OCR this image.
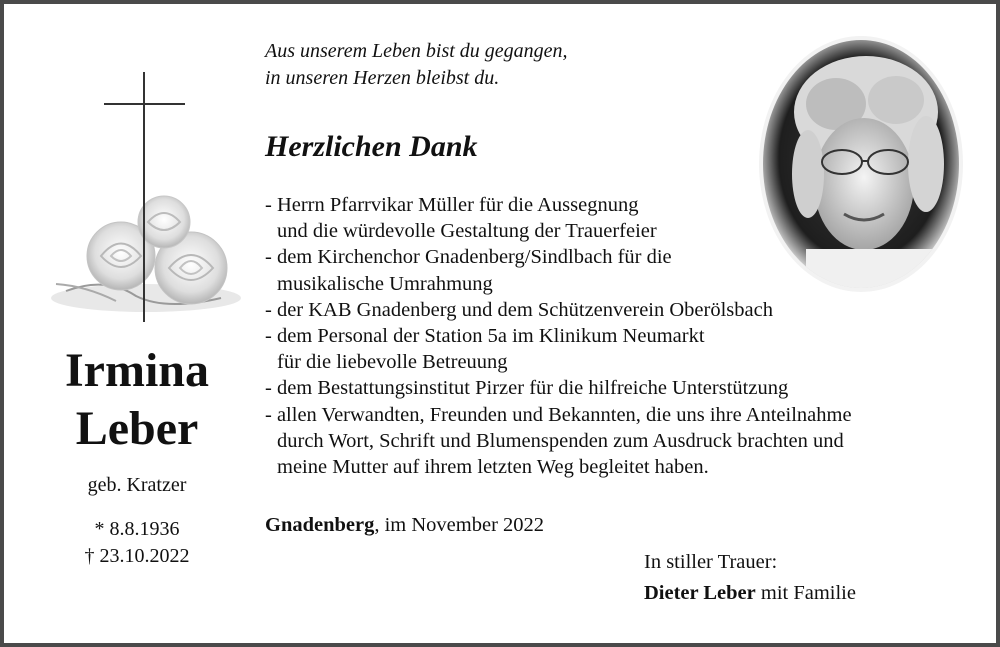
Irmina
Leber
geb. Kratzer
* 8.8.1936
† 23.10.2022
Aus unserem Leben bist du gegangen,
in unseren Herzen bleibst du.
Herzlichen Dank
- Herrn Pfarrvikar Müller für die Aussegnung
und die würdevolle Gestaltung der Trauerfeier
- dem Kirchenchor Gnadenberg/Sindlbach für die
musikalische Umrahmung
- der KAB Gnadenberg und dem Schützenverein Oberölsbach
- dem Personal der Station 5a im Klinikum Neumarkt
für die liebevolle Betreuung
- dem Bestattungsinstitut Pirzer für die hilfreiche Unterstützung
- allen Verwandten, Freunden und Bekannten, die uns ihre Anteilnahme
durch Wort, Schrift und Blumenspenden zum Ausdruck brachten und
meine Mutter auf ihrem letzten Weg begleitet haben.
Gnadenberg, im November 2022
In stiller Trauer:
Dieter Leber mit Familie
